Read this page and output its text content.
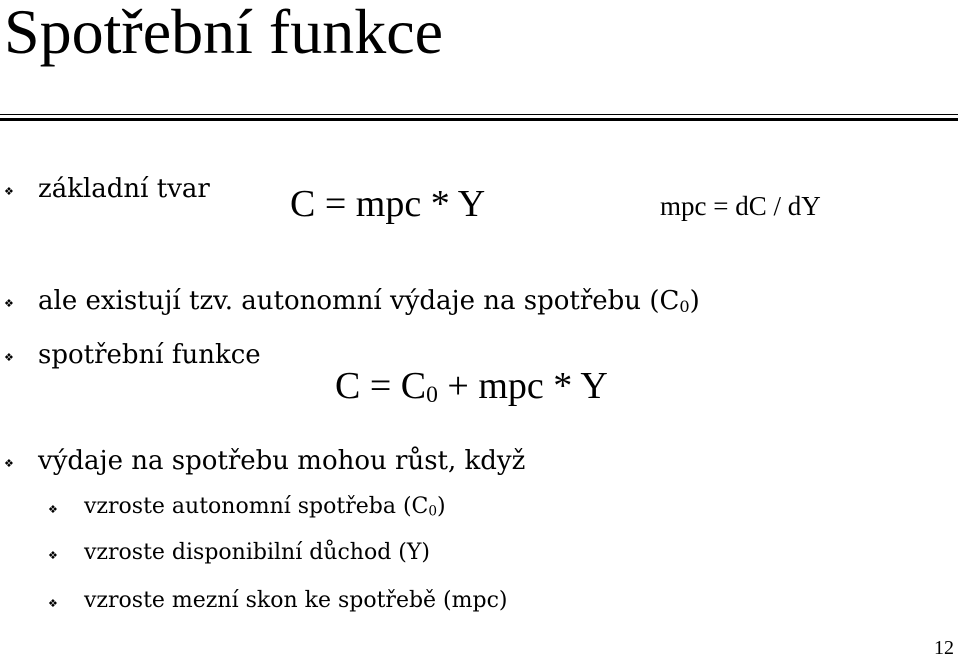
Spotřební funkce
❖ základní tvar C = mpc * Y	mpc = dC / dY
❖ ale existují tzv. autonomní výdaje na spotřebu (C0)
❖ spotřební funkce
C = C0 + mpc * Y
❖ výdaje na spotřebu mohou růst, když
❖ vzroste autonomní spotřeba (C0)
❖ vzroste disponibilní důchod (Y)
❖ vzroste mezní skon ke spotřebě (mpc)
12
